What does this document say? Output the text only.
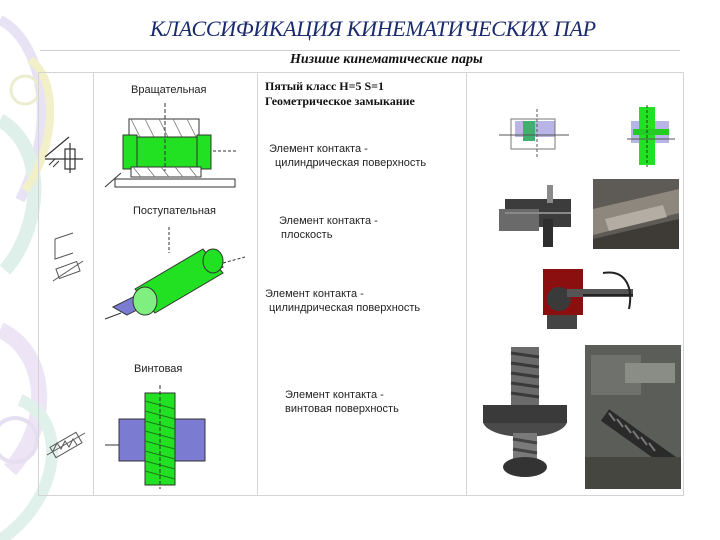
КЛАССИФИКАЦИЯ КИНЕМАТИЧЕСКИХ ПАР
Низшие кинематические пары
Пятый класс Н=5 S=1
Геометрическое замыкание
Вращательная
Поступательная
Винтовая
Элемент контакта -
цилиндрическая поверхность
Элемент контакта -
плоскость
Элемент контакта -
цилиндрическая поверхность
Элемент контакта -
винтовая поверхность
